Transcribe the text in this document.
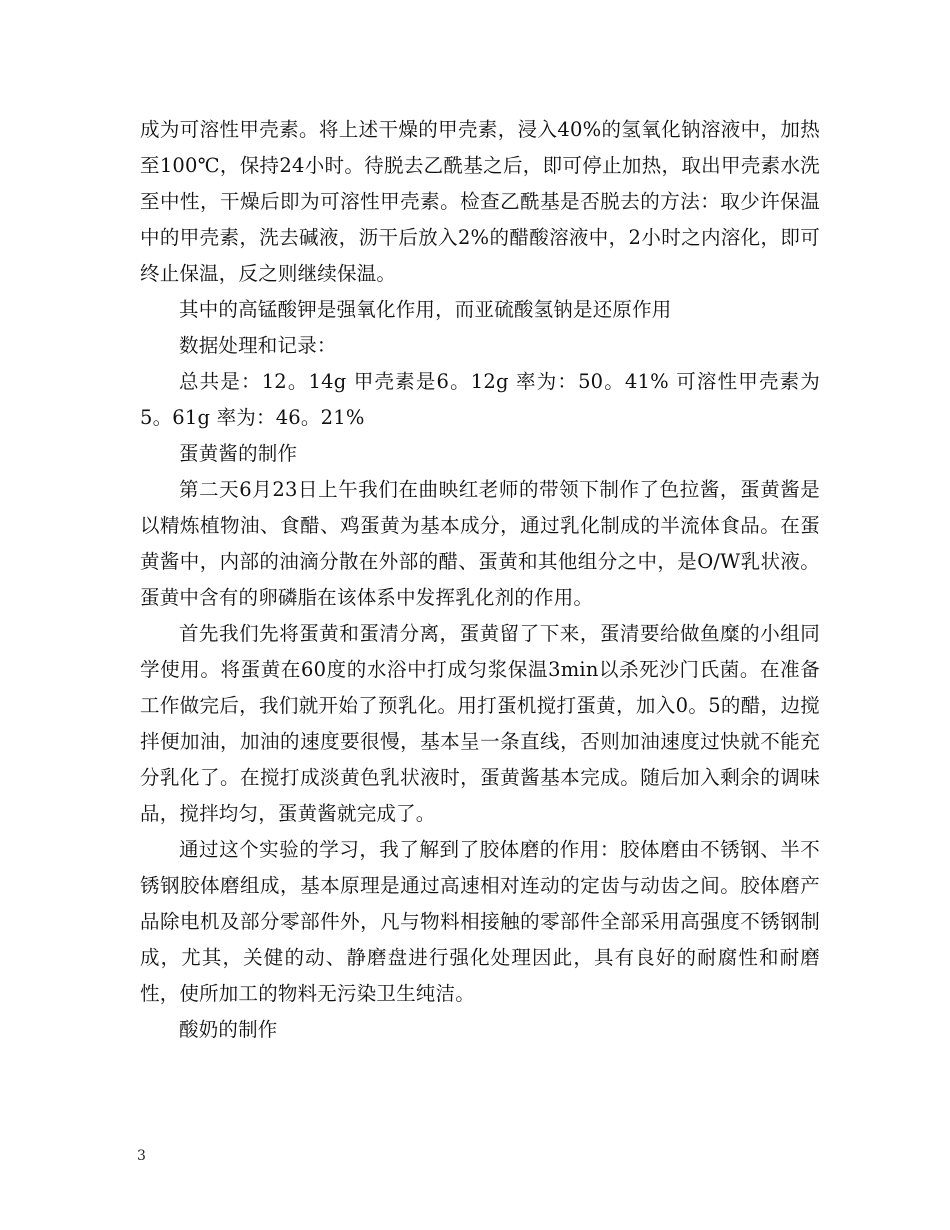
成为可溶性甲壳素。将上述干燥的甲壳素，浸入40%的氢氧化钠溶液中，加热至100℃，保持24小时。待脱去乙酰基之后，即可停止加热，取出甲壳素水洗至中性，干燥后即为可溶性甲壳素。检查乙酰基是否脱去的方法：取少许保温中的甲壳素，洗去碱液，沥干后放入2%的醋酸溶液中，2小时之内溶化，即可终止保温，反之则继续保温。

其中的高锰酸钾是强氧化作用，而亚硫酸氢钠是还原作用

数据处理和记录：

总共是：12。14g 甲壳素是6。12g 率为：50。41% 可溶性甲壳素为5。61g 率为：46。21%

蛋黄酱的制作

第二天6月23日上午我们在曲映红老师的带领下制作了色拉酱，蛋黄酱是以精炼植物油、食醋、鸡蛋黄为基本成分，通过乳化制成的半流体食品。在蛋黄酱中，内部的油滴分散在外部的醋、蛋黄和其他组分之中，是O/W乳状液。蛋黄中含有的卵磷脂在该体系中发挥乳化剂的作用。

首先我们先将蛋黄和蛋清分离，蛋黄留了下来，蛋清要给做鱼糜的小组同学使用。将蛋黄在60度的水浴中打成匀浆保温3min以杀死沙门氏菌。在准备工作做完后，我们就开始了预乳化。用打蛋机搅打蛋黄，加入0。5的醋，边搅拌便加油，加油的速度要很慢，基本呈一条直线，否则加油速度过快就不能充分乳化了。在搅打成淡黄色乳状液时，蛋黄酱基本完成。随后加入剩余的调味品，搅拌均匀，蛋黄酱就完成了。

通过这个实验的学习，我了解到了胶体磨的作用：胶体磨由不锈钢、半不锈钢胶体磨组成，基本原理是通过高速相对连动的定齿与动齿之间。胶体磨产品除电机及部分零部件外，凡与物料相接触的零部件全部采用高强度不锈钢制成，尤其，关健的动、静磨盘进行强化处理因此，具有良好的耐腐性和耐磨性，使所加工的物料无污染卫生纯洁。

酸奶的制作

3
